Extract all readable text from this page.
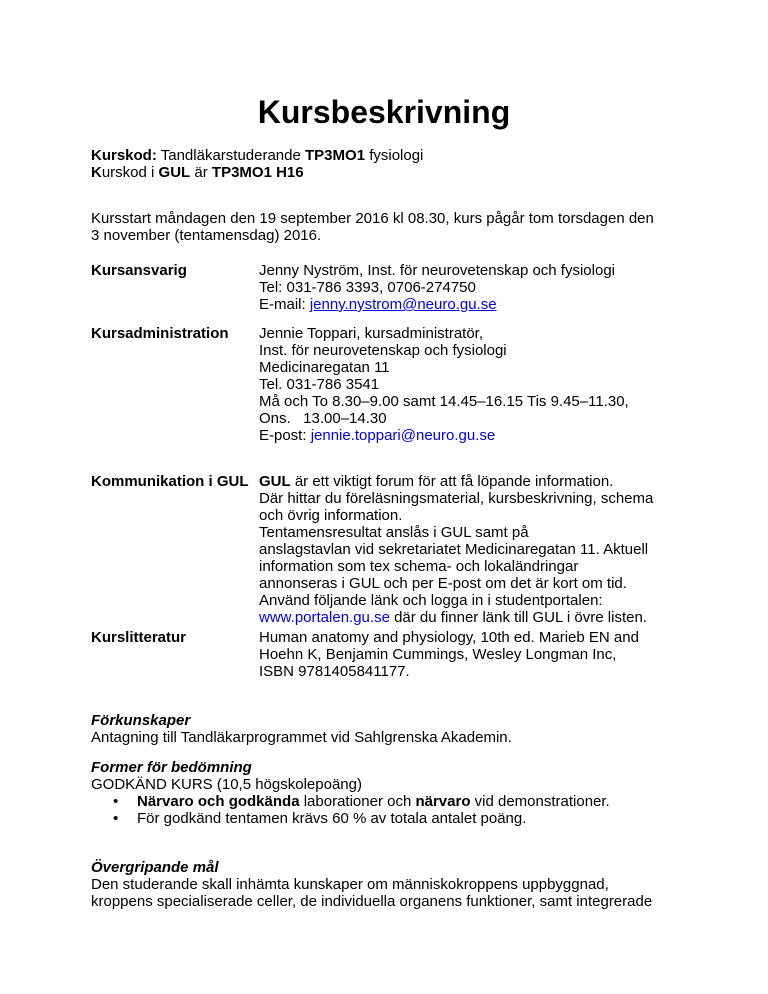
Kursbeskrivning
Kurskod: Tandläkarstuderande TP3MO1 fysiologi
Kurskod i GUL är TP3MO1 H16
Kursstart måndagen den 19 september 2016 kl 08.30, kurs pågår tom torsdagen den
3 november (tentamensdag) 2016.
Kursansvarig	Jenny Nyström, Inst. för neurovetenskap och fysiologi
Tel: 031-786 3393, 0706-274750
E-mail: jenny.nystrom@neuro.gu.se
Kursadministration Jennie Toppari, kursadministratör,
Inst. för neurovetenskap och fysiologi
Medicinaregatan 11
Tel. 031-786 3541
Må och To 8.30–9.00 samt 14.45–16.15 Tis 9.45–11.30,
Ons.   13.00–14.30
E-post: jennie.toppari@neuro.gu.se
Kommunikation i GUL GUL är ett viktigt forum för att få löpande information.
Där hittar du föreläsningsmaterial, kursbeskrivning, schema
och övrig information.
Tentamensresultat anslås i GUL samt på
anslagstavlan vid sekretariatet Medicinaregatan 11. Aktuell
information som tex schema- och lokaländringar
annonseras i GUL och per E-post om det är kort om tid.
Använd följande länk och logga in i studentportalen:
www.portalen.gu.se där du finner länk till GUL i övre listen.
Kurslitteratur	Human anatomy and physiology, 10th ed. Marieb EN and
Hoehn K, Benjamin Cummings, Wesley Longman Inc,
ISBN 9781405841177.
Förkunskaper
Antagning till Tandläkarprogrammet vid Sahlgrenska Akademin.
Former för bedömning
GODKÄND KURS (10,5 högskolepoäng)
• Närvaro och godkända laborationer och närvaro vid demonstrationer.
• För godkänd tentamen krävs 60 % av totala antalet poäng.
Övergripande mål
Den studerande skall inhämta kunskaper om människokroppens uppbyggnad,
kroppens specialiserade celler, de individuella organens funktioner, samt integrerade
